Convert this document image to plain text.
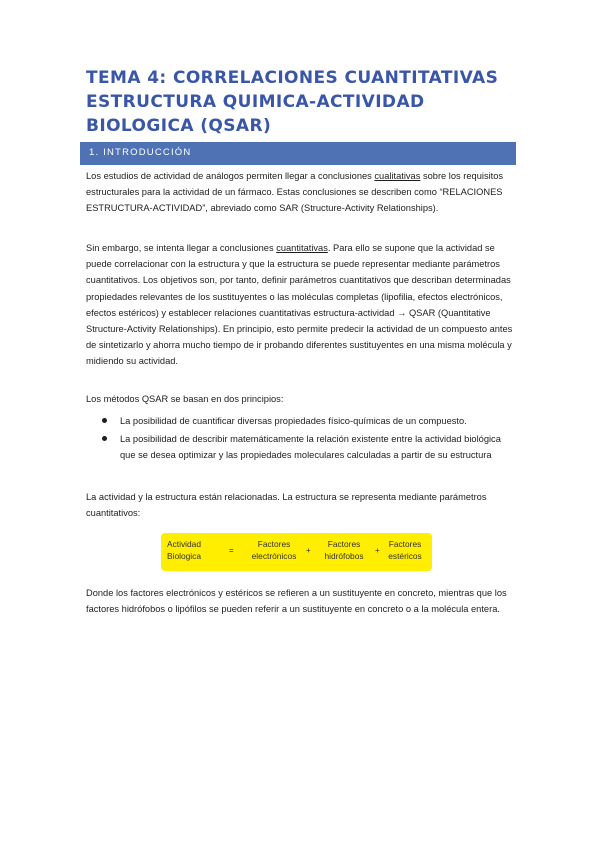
TEMA 4: CORRELACIONES CUANTITATIVAS ESTRUCTURA QUIMICA-ACTIVIDAD BIOLOGICA (QSAR)
1. INTRODUCCIÓN

Los estudios de actividad de análogos permiten llegar a conclusiones cualitativas sobre los requisitos estructurales para la actividad de un fármaco. Estas conclusiones se describen como “RELACIONES ESTRUCTURA-ACTIVIDAD”, abreviado como SAR (Structure-Activity Relationships).

Sin embargo, se intenta llegar a conclusiones cuantitativas. Para ello se supone que la actividad se puede correlacionar con la estructura y que la estructura se puede representar mediante parámetros cuantitativos. Los objetivos son, por tanto, definir parámetros cuantitativos que describan determinadas propiedades relevantes de los sustituyentes o las moléculas completas (lipofilia, efectos electrónicos, efectos estéricos) y establecer relaciones cuantitativas estructura-actividad → QSAR (Quantitative Structure-Activity Relationships). En principio, esto permite predecir la actividad de un compuesto antes de sintetizarlo y ahorra mucho tiempo de ir probando diferentes sustituyentes en una misma molécula y midiendo su actividad.

Los métodos QSAR se basan en dos principios:

La posibilidad de cuantificar diversas propiedades físico-químicas de un compuesto.
La posibilidad de describir matemáticamente la relación existente entre la actividad biológica que se desea optimizar y las propiedades moleculares calculadas a partir de su estructura

La actividad y la estructura están relacionadas. La estructura se representa mediante parámetros cuantitativos:

Actividad
Biologica
=
Factores
electrónicos
+
Factores
hidrófobos
+
Factores
estéricos

Donde los factores electrónicos y estéricos se refieren a un sustituyente en concreto, mientras que los factores hidrófobos o lipófilos se pueden referir a un sustituyente en concreto o a la molécula entera.
